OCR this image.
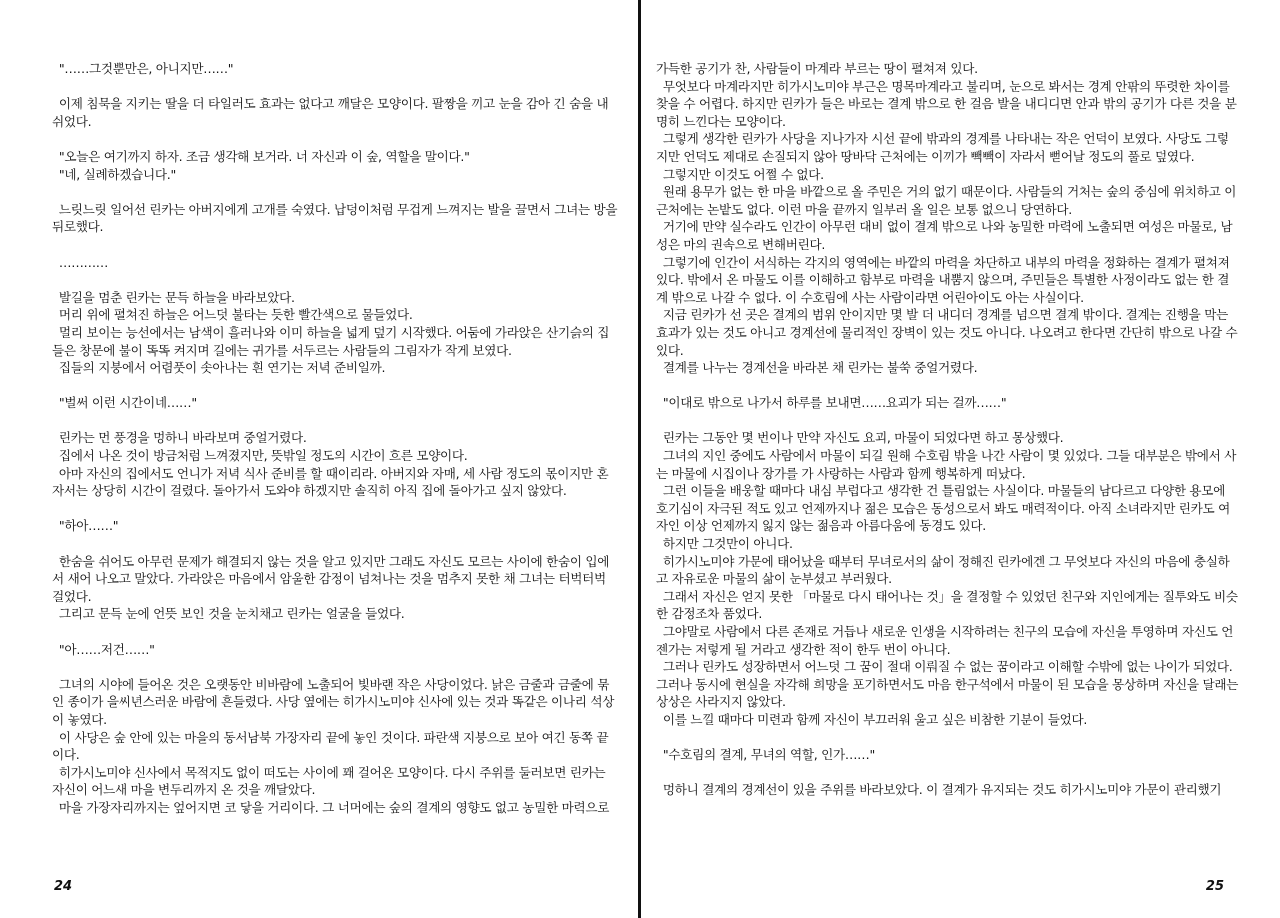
"……그것뿐만은, 아니지만……"

이제 침묵을 지키는 딸을 더 타일러도 효과는 없다고 깨달은 모양이다. 팔짱을 끼고 눈을 감아 긴 숨을 내쉬었다.

"오늘은 여기까지 하자. 조금 생각해 보거라. 너 자신과 이 숲, 역할을 말이다."

"네, 실례하겠습니다."

느릿느릿 일어선 린카는 아버지에게 고개를 숙였다. 납덩이처럼 무겁게 느껴지는 발을 끌면서 그녀는 방을 뒤로했다.

…………

발길을 멈춘 린카는 문득 하늘을 바라보았다.

머리 위에 펼쳐진 하늘은 어느덧 불타는 듯한 빨간색으로 물들었다.

멀리 보이는 능선에서는 남색이 흘러나와 이미 하늘을 넓게 덮기 시작했다. 어둠에 가라앉은 산기슭의 집들은 창문에 불이 똑똑 켜지며 길에는 귀가를 서두르는 사람들의 그림자가 작게 보였다.

집들의 지붕에서 어렴풋이 솟아나는 흰 연기는 저녁 준비일까.

"벌써 이런 시간이네……"

린카는 먼 풍경을 멍하니 바라보며 중얼거렸다.

집에서 나온 것이 방금처럼 느껴졌지만, 뜻밖일 정도의 시간이 흐른 모양이다.

아마 자신의 집에서도 언니가 저녁 식사 준비를 할 때이리라. 아버지와 자매, 세 사람 정도의 몫이지만 혼자서는 상당히 시간이 걸렸다. 돌아가서 도와야 하겠지만 솔직히 아직 집에 돌아가고 싶지 않았다.

"하아……"

한숨을 쉬어도 아무런 문제가 해결되지 않는 것을 알고 있지만 그래도 자신도 모르는 사이에 한숨이 입에서 새어 나오고 말았다. 가라앉은 마음에서 암울한 감정이 넘쳐나는 것을 멈추지 못한 채 그녀는 터벅터벅 걸었다.

그리고 문득 눈에 언뜻 보인 것을 눈치채고 린카는 얼굴을 들었다.

"아……저건……"

그녀의 시야에 들어온 것은 오랫동안 비바람에 노출되어 빛바랜 작은 사당이었다. 낡은 금줄과 금줄에 묶인 종이가 을씨년스러운 바람에 흔들렸다. 사당 옆에는 히가시노미야 신사에 있는 것과 똑같은 이나리 석상이 놓였다.

이 사당은 숲 안에 있는 마을의 동서남북 가장자리 끝에 놓인 것이다. 파란색 지붕으로 보아 여긴 동쪽 끝이다.

히가시노미야 신사에서 목적지도 없이 떠도는 사이에 꽤 걸어온 모양이다. 다시 주위를 둘러보면 린카는 자신이 어느새 마을 변두리까지 온 것을 깨달았다.

마을 가장자리까지는 엎어지면 코 닿을 거리이다. 그 너머에는 숲의 결계의 영향도 없고 농밀한 마력으로

24

가득한 공기가 찬, 사람들이 마계라 부르는 땅이 펼쳐져 있다.

무엇보다 마계라지만 히가시노미야 부근은 명목마계라고 불리며, 눈으로 봐서는 경계 안팎의 뚜렷한 차이를 찾을 수 어렵다. 하지만 린카가 들은 바로는 결계 밖으로 한 걸음 발을 내디디면 안과 밖의 공기가 다른 것을 분명히 느낀다는 모양이다.

그렇게 생각한 린카가 사당을 지나가자 시선 끝에 밖과의 경계를 나타내는 작은 언덕이 보였다. 사당도 그렇지만 언덕도 제대로 손질되지 않아 땅바닥 근처에는 이끼가 빽빽이 자라서 뻗어날 정도의 풀로 덮였다.

그렇지만 이것도 어쩔 수 없다.

원래 용무가 없는 한 마을 바깥으로 올 주민은 거의 없기 때문이다. 사람들의 거처는 숲의 중심에 위치하고 이 근처에는 논밭도 없다. 이런 마을 끝까지 일부러 올 일은 보통 없으니 당연하다.

거기에 만약 실수라도 인간이 아무런 대비 없이 결계 밖으로 나와 농밀한 마력에 노출되면 여성은 마물로, 남성은 마의 권속으로 변해버린다.

그렇기에 인간이 서식하는 각지의 영역에는 바깥의 마력을 차단하고 내부의 마력을 정화하는 결계가 펼쳐져 있다. 밖에서 온 마물도 이를 이해하고 함부로 마력을 내뿜지 않으며, 주민들은 특별한 사정이라도 없는 한 결계 밖으로 나갈 수 없다. 이 수호림에 사는 사람이라면 어린아이도 아는 사실이다.

지금 린카가 선 곳은 결계의 범위 안이지만 몇 발 더 내디더 경계를 넘으면 결계 밖이다. 결계는 진행을 막는 효과가 있는 것도 아니고 경계선에 물리적인 장벽이 있는 것도 아니다. 나오려고 한다면 간단히 밖으로 나갈 수 있다.

결계를 나누는 경계선을 바라본 채 린카는 불쑥 중얼거렸다.

"이대로 밖으로 나가서 하루를 보내면……요괴가 되는 걸까……"

린카는 그동안 몇 번이나 만약 자신도 요괴, 마물이 되었다면 하고 몽상했다.

그녀의 지인 중에도 사람에서 마물이 되길 원해 수호림 밖을 나간 사람이 몇 있었다. 그들 대부분은 밖에서 사는 마물에 시집이나 장가를 가 사랑하는 사람과 함께 행복하게 떠났다.

그런 이들을 배웅할 때마다 내심 부럽다고 생각한 건 틀림없는 사실이다. 마물들의 남다르고 다양한 용모에 호기심이 자극된 적도 있고 언제까지나 젊은 모습은 동성으로서 봐도 매력적이다. 아직 소녀라지만 린카도 여자인 이상 언제까지 잃지 않는 젊음과 아름다움에 동경도 있다.

하지만 그것만이 아니다.

히가시노미야 가문에 태어났을 때부터 무녀로서의 삶이 정해진 린카에겐 그 무엇보다 자신의 마음에 충실하고 자유로운 마물의 삶이 눈부셨고 부러웠다.

그래서 자신은 얻지 못한 「마물로 다시 태어나는 것」을 결정할 수 있었던 친구와 지인에게는 질투와도 비슷한 감정조차 품었다.

그야말로 사람에서 다른 존재로 거듭나 새로운 인생을 시작하려는 친구의 모습에 자신을 투영하며 자신도 언젠가는 저렇게 될 거라고 생각한 적이 한두 번이 아니다.

그러나 린카도 성장하면서 어느덧 그 꿈이 절대 이뤄질 수 없는 꿈이라고 이해할 수밖에 없는 나이가 되었다. 그러나 동시에 현실을 자각해 희망을 포기하면서도 마음 한구석에서 마물이 된 모습을 몽상하며 자신을 달래는 상상은 사라지지 않았다.

이를 느낄 때마다 미련과 함께 자신이 부끄러워 울고 싶은 비참한 기분이 들었다.

"수호림의 결계, 무녀의 역할, 인가……"

멍하니 결계의 경계선이 있을 주위를 바라보았다. 이 결계가 유지되는 것도 히가시노미야 가문이 관리했기

25
